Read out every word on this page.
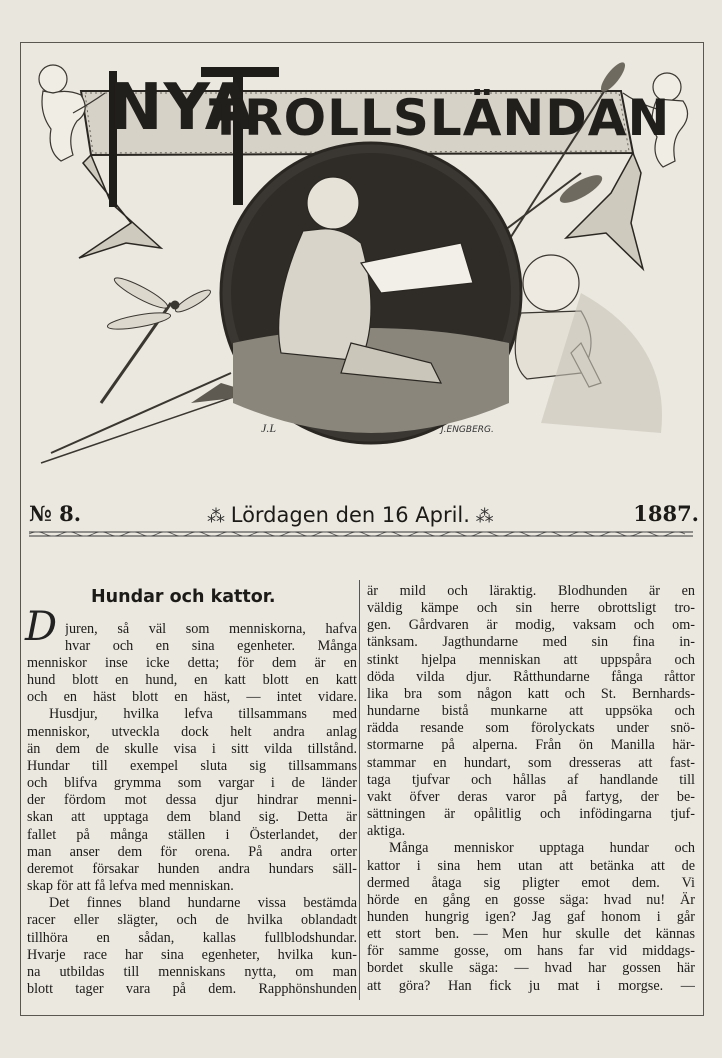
NYA
TROLLSLÄNDAN
J.ENGBERG.
J.L
№ 8.	⁂ Lördagen den 16 April. ⁂	1887.
Hundar och kattor.
D juren, så väl som menniskorna, hafva
hvar och en sina egenheter. Många
menniskor inse icke detta; för dem är en
hund blott en hund, en katt blott en katt
och en häst blott en häst, — intet vidare.
Husdjur, hvilka lefva tillsammans med
menniskor, utveckla dock helt andra anlag
än dem de skulle visa i sitt vilda tillstånd.
Hundar till exempel sluta sig tillsammans
och blifva grymma som vargar i de länder
der fördom mot dessa djur hindrar menni-
skan att upptaga dem bland sig. Detta är
fallet på många ställen i Österlandet, der
man anser dem för orena. På andra orter
deremot försakar hunden andra hundars säll-
skap för att få lefva med menniskan.
Det finnes bland hundarne vissa bestämda
racer eller slägter, och de hvilka oblandadt
tillhöra en sådan, kallas fullblodshundar.
Hvarje race har sina egenheter, hvilka kun-
na utbildas till menniskans nytta, om man
blott tager vara på dem. Rapphönshunden
är mild och läraktig. Blodhunden är en
väldig kämpe och sin herre obrottsligt tro-
gen. Gårdvaren är modig, vaksam och om-
tänksam. Jagthundarne med sin fina in-
stinkt hjelpa menniskan att uppspåra och
döda vilda djur. Råtthundarne fånga råttor
lika bra som någon katt och St. Bernhards-
hundarne bistå munkarne att uppsöka och
rädda resande som förolyckats under snö-
stormarne på alperna. Från ön Manilla här-
stammar en hundart, som dresseras att fast-
taga tjufvar och hållas af handlande till
vakt öfver deras varor på fartyg, der be-
sättningen är opålitlig och infödingarna tjuf-
aktiga.
Många menniskor upptaga hundar och
kattor i sina hem utan att betänka att de
dermed åtaga sig pligter emot dem. Vi
hörde en gång en gosse säga: hvad nu! Är
hunden hungrig igen? Jag gaf honom i går
ett stort ben. — Men hur skulle det kännas
för samme gosse, om hans far vid middags-
bordet skulle säga: — hvad har gossen här
att göra? Han fick ju mat i morgse. —
